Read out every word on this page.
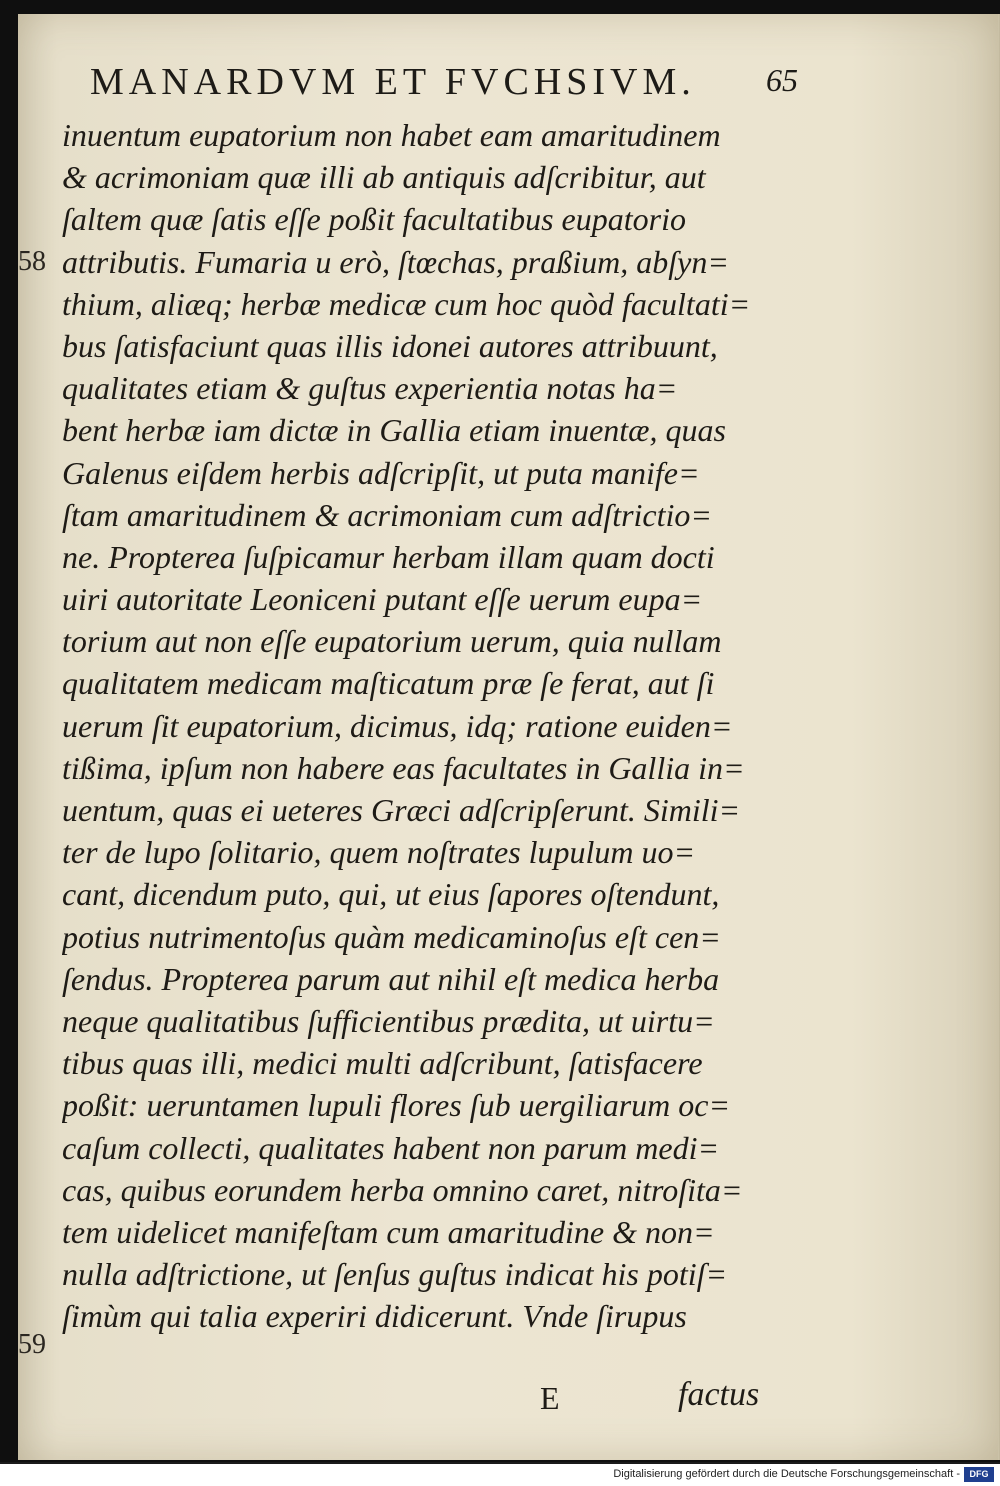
MANARDVM ET FVCHSIVM.	65
inuentum eupatorium non habet eam amaritudinem
& acrimoniam quæ illi ab antiquis adſcribitur, aut
ſaltem quæ ſatis eſſe poßit facultatibus eupatorio
attributis. Fumaria u erò, ſtœchas, praßium, abſyn=
thium, aliæq; herbæ medicæ cum hoc quòd facultati=
bus ſatisfaciunt quas illis idonei autores attribuunt,
qualitates etiam & guſtus experientia notas ha=
bent herbæ iam dictæ in Gallia etiam inuentæ, quas
Galenus eiſdem herbis adſcripſit, ut puta manife=
ſtam amaritudinem & acrimoniam cum adſtrictio=
ne. Propterea ſuſpicamur herbam illam quam docti
uiri autoritate Leoniceni putant eſſe uerum eupa=
torium aut non eſſe eupatorium uerum, quia nullam
qualitatem medicam maſticatum præ ſe ferat, aut ſi
uerum ſit eupatorium, dicimus, idq; ratione euiden=
tißima, ipſum non habere eas facultates in Gallia in=
uentum, quas ei ueteres Græci adſcripſerunt. Simili=
ter de lupo ſolitario, quem noſtrates lupulum uo=
cant, dicendum puto, qui, ut eius ſapores oſtendunt,
potius nutrimentoſus quàm medicaminoſus eſt cen=
ſendus. Propterea parum aut nihil eſt medica herba
neque qualitatibus ſufficientibus prædita, ut uirtu=
tibus quas illi, medici multi adſcribunt, ſatisfacere
poßit: ueruntamen lupuli flores ſub uergiliarum oc=
caſum collecti, qualitates habent non parum medi=
cas, quibus eorundem herba omnino caret, nitroſita=
tem uidelicet manifeſtam cum amaritudine & non=
nulla adſtrictione, ut ſenſus guſtus indicat his potiſ=
ſimùm qui talia experiri didicerunt. Vnde ſirupus
58
59
E	factus
Digitalisierung gefördert durch die Deutsche Forschungsgemeinschaft -	DFG
